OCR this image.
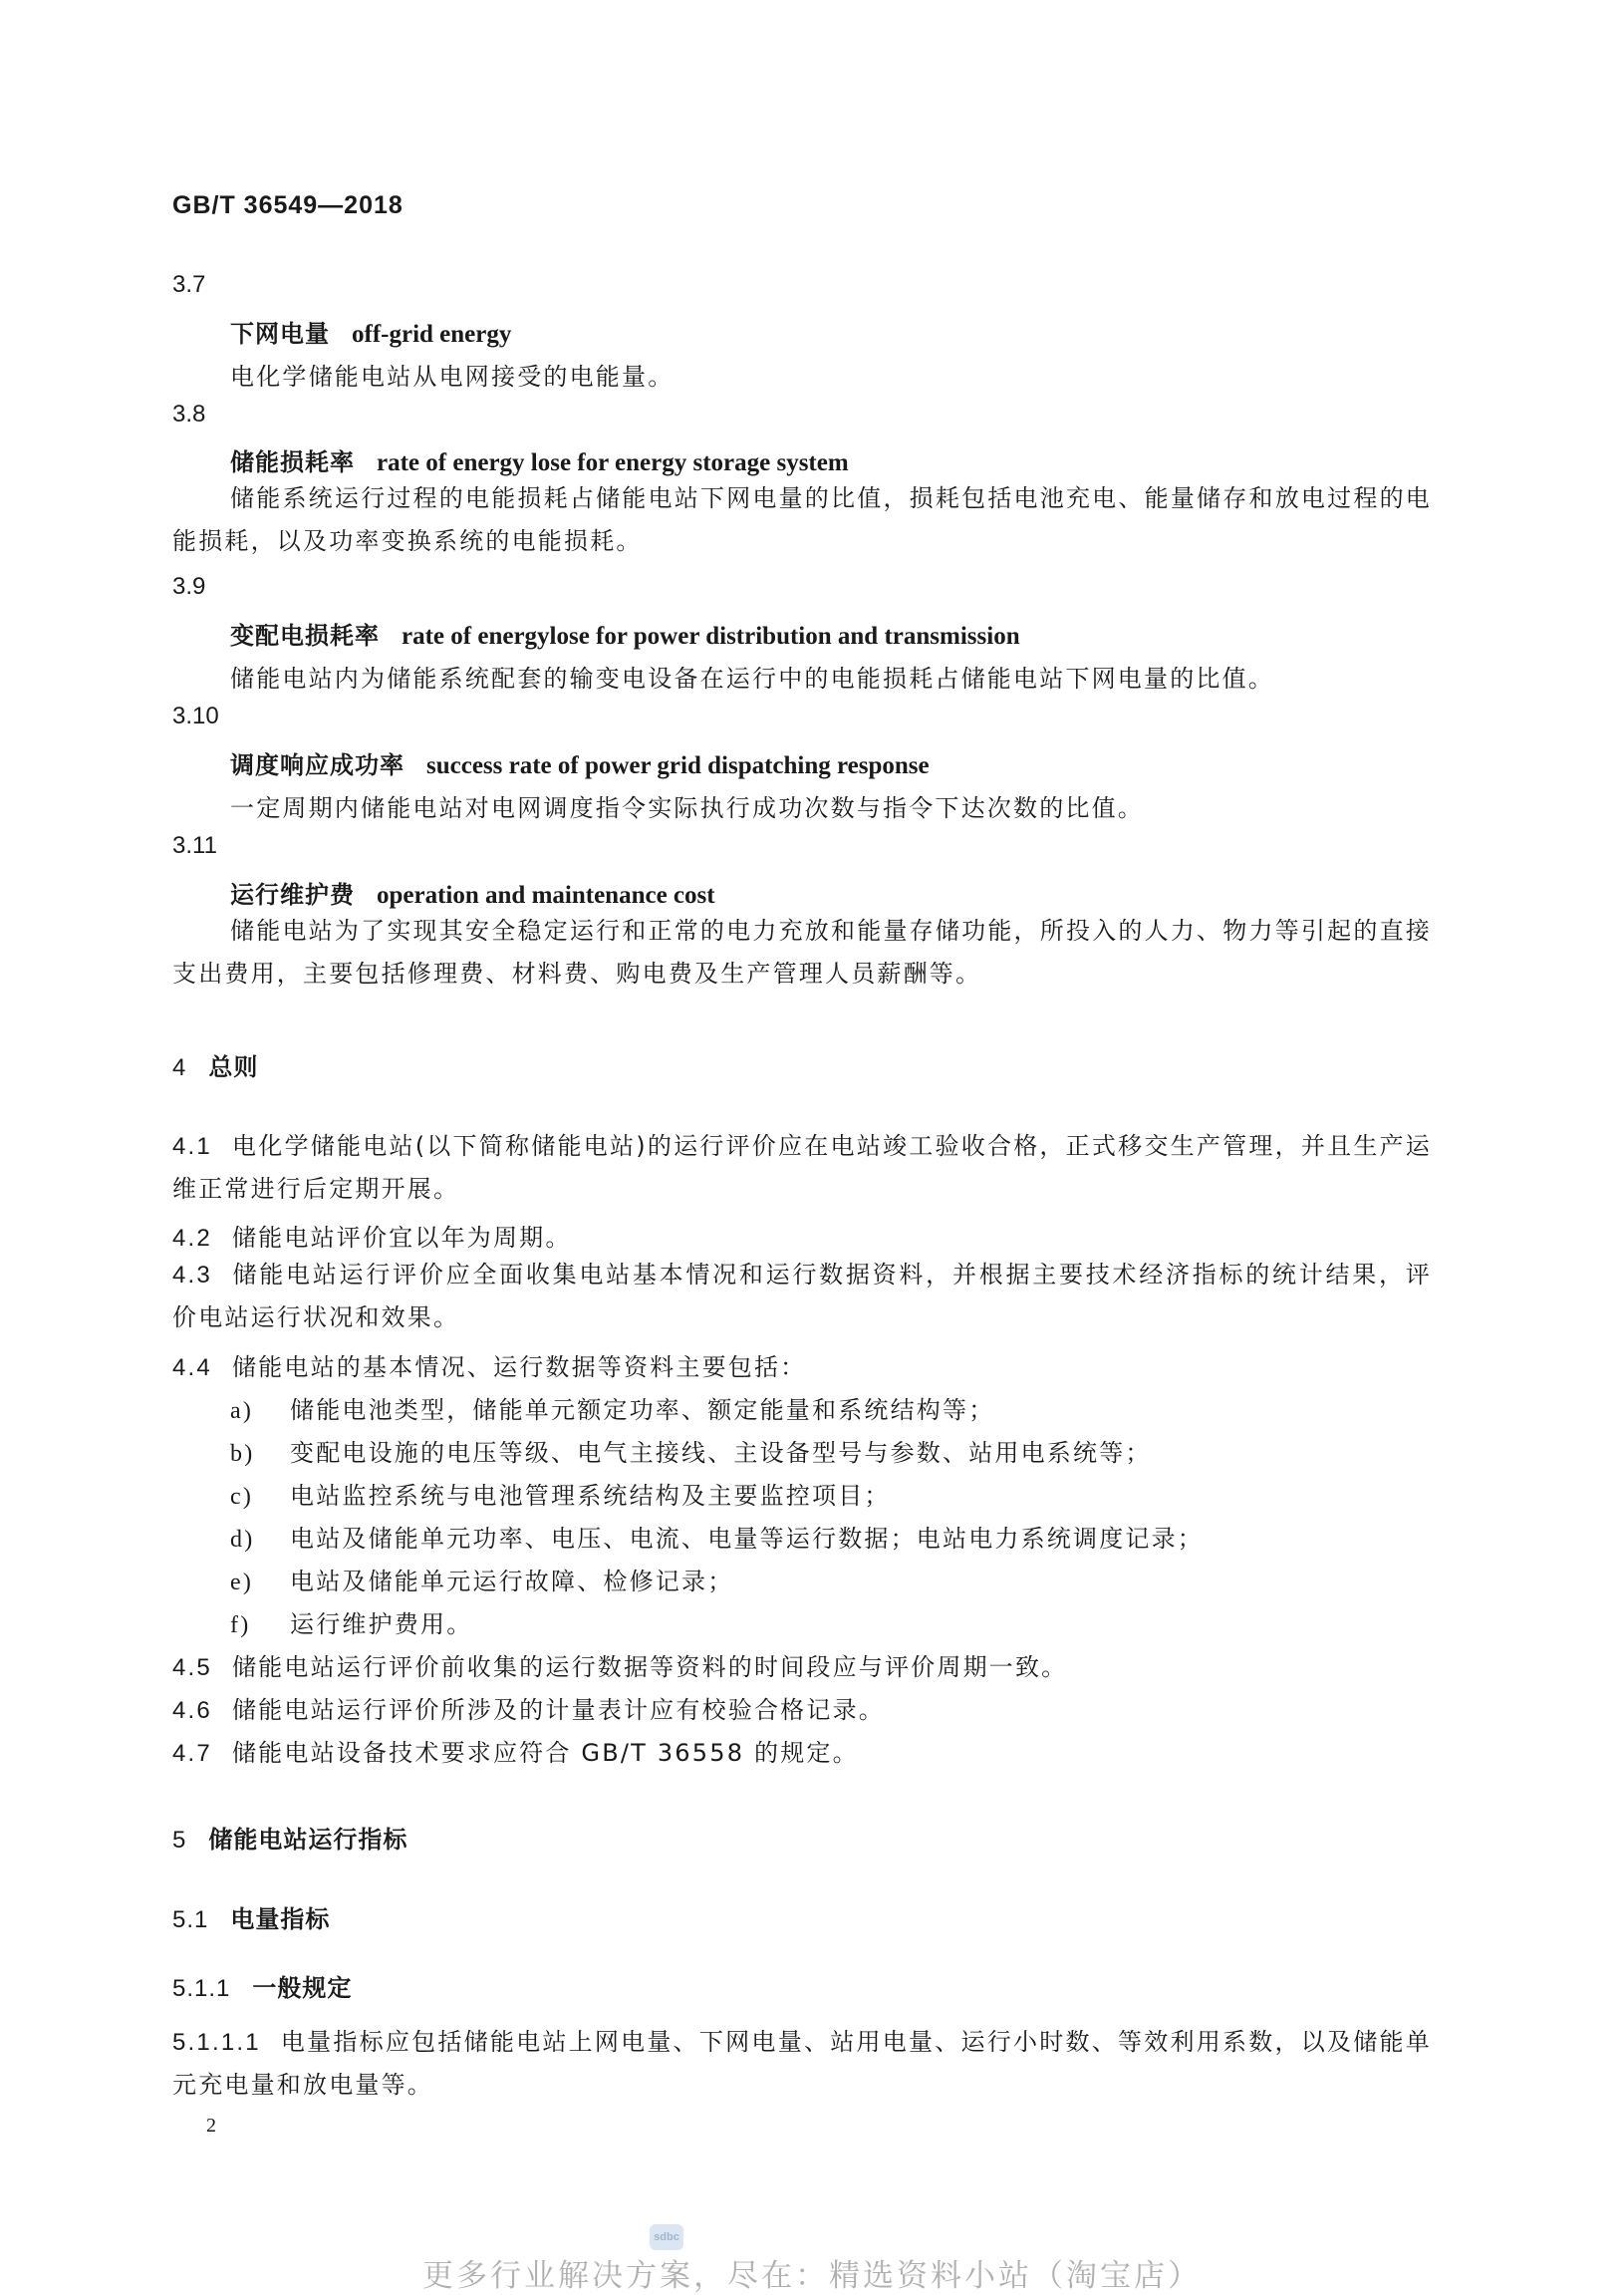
GB/T 36549—2018
3.7
下网电量 off-grid energy
电化学储能电站从电网接受的电能量。
3.8
储能损耗率 rate of energy lose for energy storage system
储能系统运行过程的电能损耗占储能电站下网电量的比值，损耗包括电池充电、能量储存和放电过程的电能损耗，以及功率变换系统的电能损耗。
3.9
变配电损耗率 rate of energylose for power distribution and transmission
储能电站内为储能系统配套的输变电设备在运行中的电能损耗占储能电站下网电量的比值。
3.10
调度响应成功率 success rate of power grid dispatching response
一定周期内储能电站对电网调度指令实际执行成功次数与指令下达次数的比值。
3.11
运行维护费 operation and maintenance cost
储能电站为了实现其安全稳定运行和正常的电力充放和能量存储功能，所投入的人力、物力等引起的直接支出费用，主要包括修理费、材料费、购电费及生产管理人员薪酬等。
4 总则
4.1 电化学储能电站(以下简称储能电站)的运行评价应在电站竣工验收合格，正式移交生产管理，并且生产运维正常进行后定期开展。
4.2 储能电站评价宜以年为周期。
4.3 储能电站运行评价应全面收集电站基本情况和运行数据资料，并根据主要技术经济指标的统计结果，评价电站运行状况和效果。
4.4 储能电站的基本情况、运行数据等资料主要包括：
a) 储能电池类型，储能单元额定功率、额定能量和系统结构等；
b) 变配电设施的电压等级、电气主接线、主设备型号与参数、站用电系统等；
c) 电站监控系统与电池管理系统结构及主要监控项目；
d) 电站及储能单元功率、电压、电流、电量等运行数据；电站电力系统调度记录；
e) 电站及储能单元运行故障、检修记录；
f) 运行维护费用。
4.5 储能电站运行评价前收集的运行数据等资料的时间段应与评价周期一致。
4.6 储能电站运行评价所涉及的计量表计应有校验合格记录。
4.7 储能电站设备技术要求应符合 GB/T 36558 的规定。
5 储能电站运行指标
5.1 电量指标
5.1.1 一般规定
5.1.1.1 电量指标应包括储能电站上网电量、下网电量、站用电量、运行小时数、等效利用系数，以及储能单元充电量和放电量等。
2
sdbc
更多行业解决方案，尽在：精选资料小站（淘宝店）
